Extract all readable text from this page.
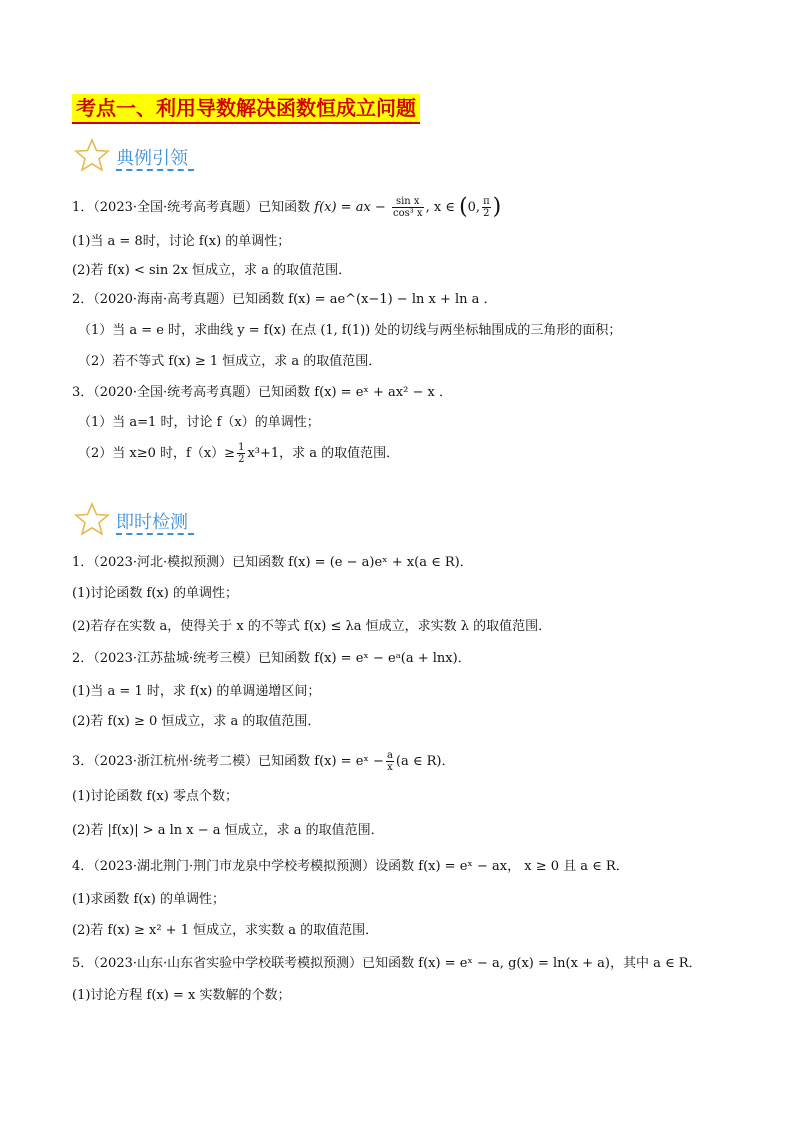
考点一、利用导数解决函数恒成立问题
典例引领
1．（2023·全国·统考高考真题）已知函数 f(x) = ax − $\frac{\text{sin x}}{\text{cos³ x}}$ , x ∈ (0, $\frac{\pi}{2}$ )
(1)当 a = 8时，讨论 f(x) 的单调性；
(2)若 f(x) < sin 2x 恒成立，求 a 的取值范围．
2．（2020·海南·高考真题）已知函数 f(x) = ae^(x−1) − ln x + ln a ．
（1）当 a = e 时，求曲线 y = f(x) 在点 (1, f(1)) 处的切线与两坐标轴围成的三角形的面积；
（2）若不等式 f(x) ≥ 1 恒成立，求 a 的取值范围．
3．（2020·全国·统考高考真题）已知函数 f(x) = eˣ + ax² − x ．
（1）当 a=1 时，讨论 f（x）的单调性；
（2）当 x≥0 时，$f(x)\ge \frac{1}{2} x^3+1$，求 a 的取值范围．
即时检测
1．（2023·河北·模拟预测）已知函数 f(x) = (e − a)eˣ + x(a ∈ R)．
(1)讨论函数 f(x) 的单调性；
(2)若存在实数 a，使得关于 x 的不等式 f(x) ≤ λa 恒成立，求实数 λ 的取值范围．
2．（2023·江苏盐城·统考三模）已知函数 f(x) = eˣ − eᵃ(a + lnx)．
(1)当 a = 1 时，求 f(x) 的单调递增区间；
(2)若 f(x) ≥ 0 恒成立，求 a 的取值范围．
3．（2023·浙江杭州·统考二模）已知函数 f(x) = eˣ − $\frac{a}{x} (a$ ∈ R)．
(1)讨论函数 f(x) 零点个数；
(2)若 |f(x)| > a ln x − a 恒成立，求 a 的取值范围．
4．（2023·湖北荆门·荆门市龙泉中学校考模拟预测）设函数 f(x) = eˣ − ax， x ≥ 0 且 a ∈ R．
(1)求函数 f(x) 的单调性；
(2)若 f(x) ≥ x² + 1 恒成立，求实数 a 的取值范围．
5．（2023·山东·山东省实验中学校联考模拟预测）已知函数 f(x) = eˣ − a, g(x) = ln(x + a)，其中 a ∈ R．
(1)讨论方程 f(x) = x 实数解的个数；
